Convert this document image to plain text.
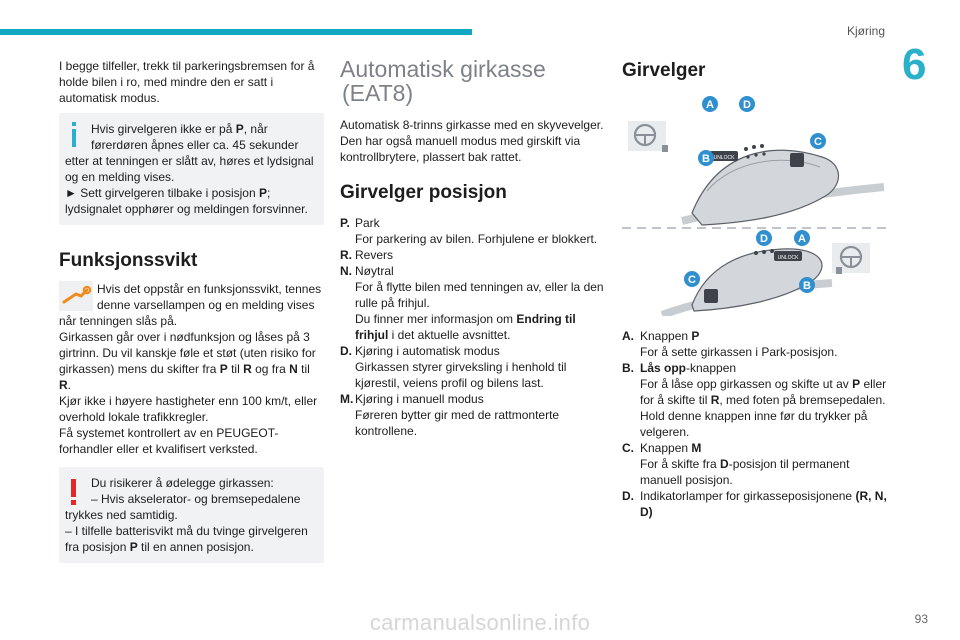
Kjøring
6

I begge tilfeller, trekk til parkeringsbremsen for å holde bilen i ro, med mindre den er satt i automatisk modus.

Hvis girvelgeren ikke er på P, når førerdøren åpnes eller ca. 45 sekunder etter at tenningen er slått av, høres et lydsignal og en melding vises.

► Sett girvelgeren tilbake i posisjon P; lydsignalet opphører og meldingen forsvinner.

Funksjonssvikt

Hvis det oppstår en funksjonssvikt, tennes denne varsellampen og en melding vises når tenningen slås på.

Girkassen går over i nødfunksjon og låses på 3 girtrinn. Du vil kanskje føle et støt (uten risiko for girkassen) mens du skifter fra P til R og fra N til R.

Kjør ikke i høyere hastigheter enn 100 km/t, eller overhold lokale trafikkregler.

Få systemet kontrollert av en PEUGEOT-forhandler eller et kvalifisert verksted.

Du risikerer å ødelegge girkassen:

– Hvis akselerator- og bremsepedalene trykkes ned samtidig.

– I tilfelle batterisvikt må du tvinge girvelgeren fra posisjon P til en annen posisjon.

Automatisk girkasse
(EAT8)

Automatisk 8-trinns girkasse med en skyvevelger. Den har også manuell modus med girskift via kontrollbrytere, plassert bak rattet.

Girvelger posisjon
P. Park
For parkering av bilen. Forhjulene er blokkert.
R. Revers
N. Nøytral
For å flytte bilen med tenningen av, eller la den rulle på frihjul.
Du finner mer informasjon om Endring til frihjul i det aktuelle avsnittet.
D. Kjøring i automatisk modus
Girkassen styrer girveksling i henhold til kjørestil, veiens profil og bilens last.
M. Kjøring i manuell modus
Føreren bytter gir med de rattmonterte kontrollene.
Girvelger
UNLOCK
A	D
C
B
UNLOCK
D	A
C	B
A. Knappen P
For å sette girkassen i Park-posisjon.
B. Lås opp-knappen
For å låse opp girkassen og skifte ut av P eller for å skifte til R, med foten på bremsepedalen.
Hold denne knappen inne før du trykker på velgeren.
C. Knappen M
For å skifte fra D-posisjon til permanent manuell posisjon.
D. Indikatorlamper for girkasseposisjonene (R, N, D)
carmanualsonline.info	93
